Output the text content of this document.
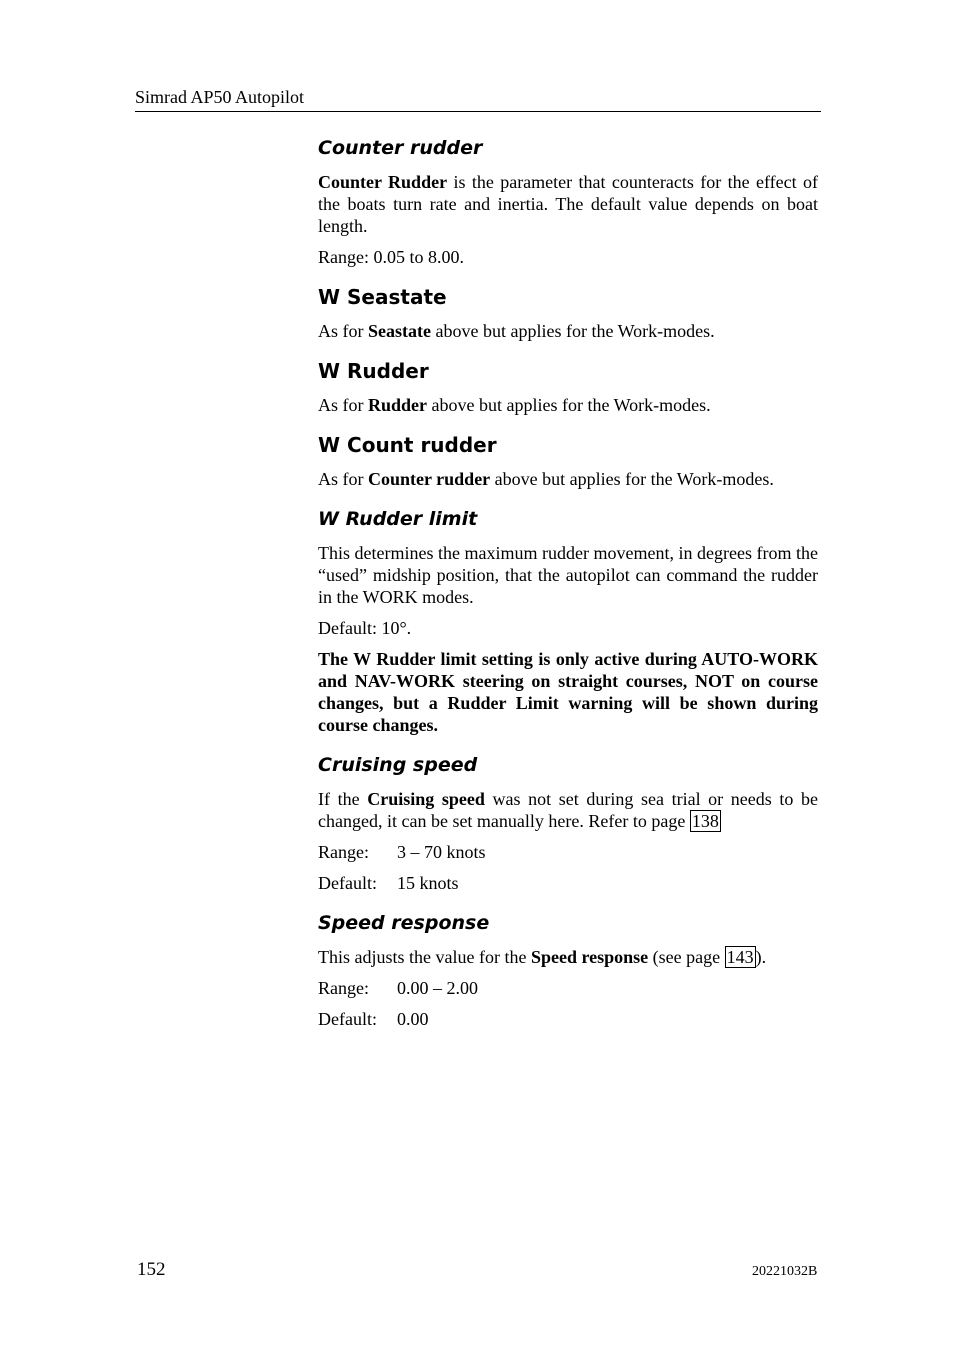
Simrad AP50 Autopilot
Counter rudder

Counter Rudder is the parameter that counteracts for the effect of the boats turn rate and inertia. The default value depends on boat length.

Range: 0.05 to 8.00.

W Seastate

As for Seastate above but applies for the Work-modes.

W Rudder

As for Rudder above but applies for the Work-modes.

W Count rudder

As for Counter rudder above but applies for the Work-modes.

W Rudder limit

This determines the maximum rudder movement, in degrees from the “used” midship position, that the autopilot can command the rudder in the WORK modes.

Default: 10°.

The W Rudder limit setting is only active during AUTO-WORK and NAV-WORK steering on straight courses, NOT on course changes, but a Rudder Limit warning will be shown during course changes.

Cruising speed

If the Cruising speed was not set during sea trial or needs to be changed, it can be set manually here. Refer to page 138

Range: 3 – 70 knots

Default: 15 knots

Speed response

This adjusts the value for the Speed response (see page 143 ).

Range: 0.00 – 2.00

Default: 0.00

152	20221032B
